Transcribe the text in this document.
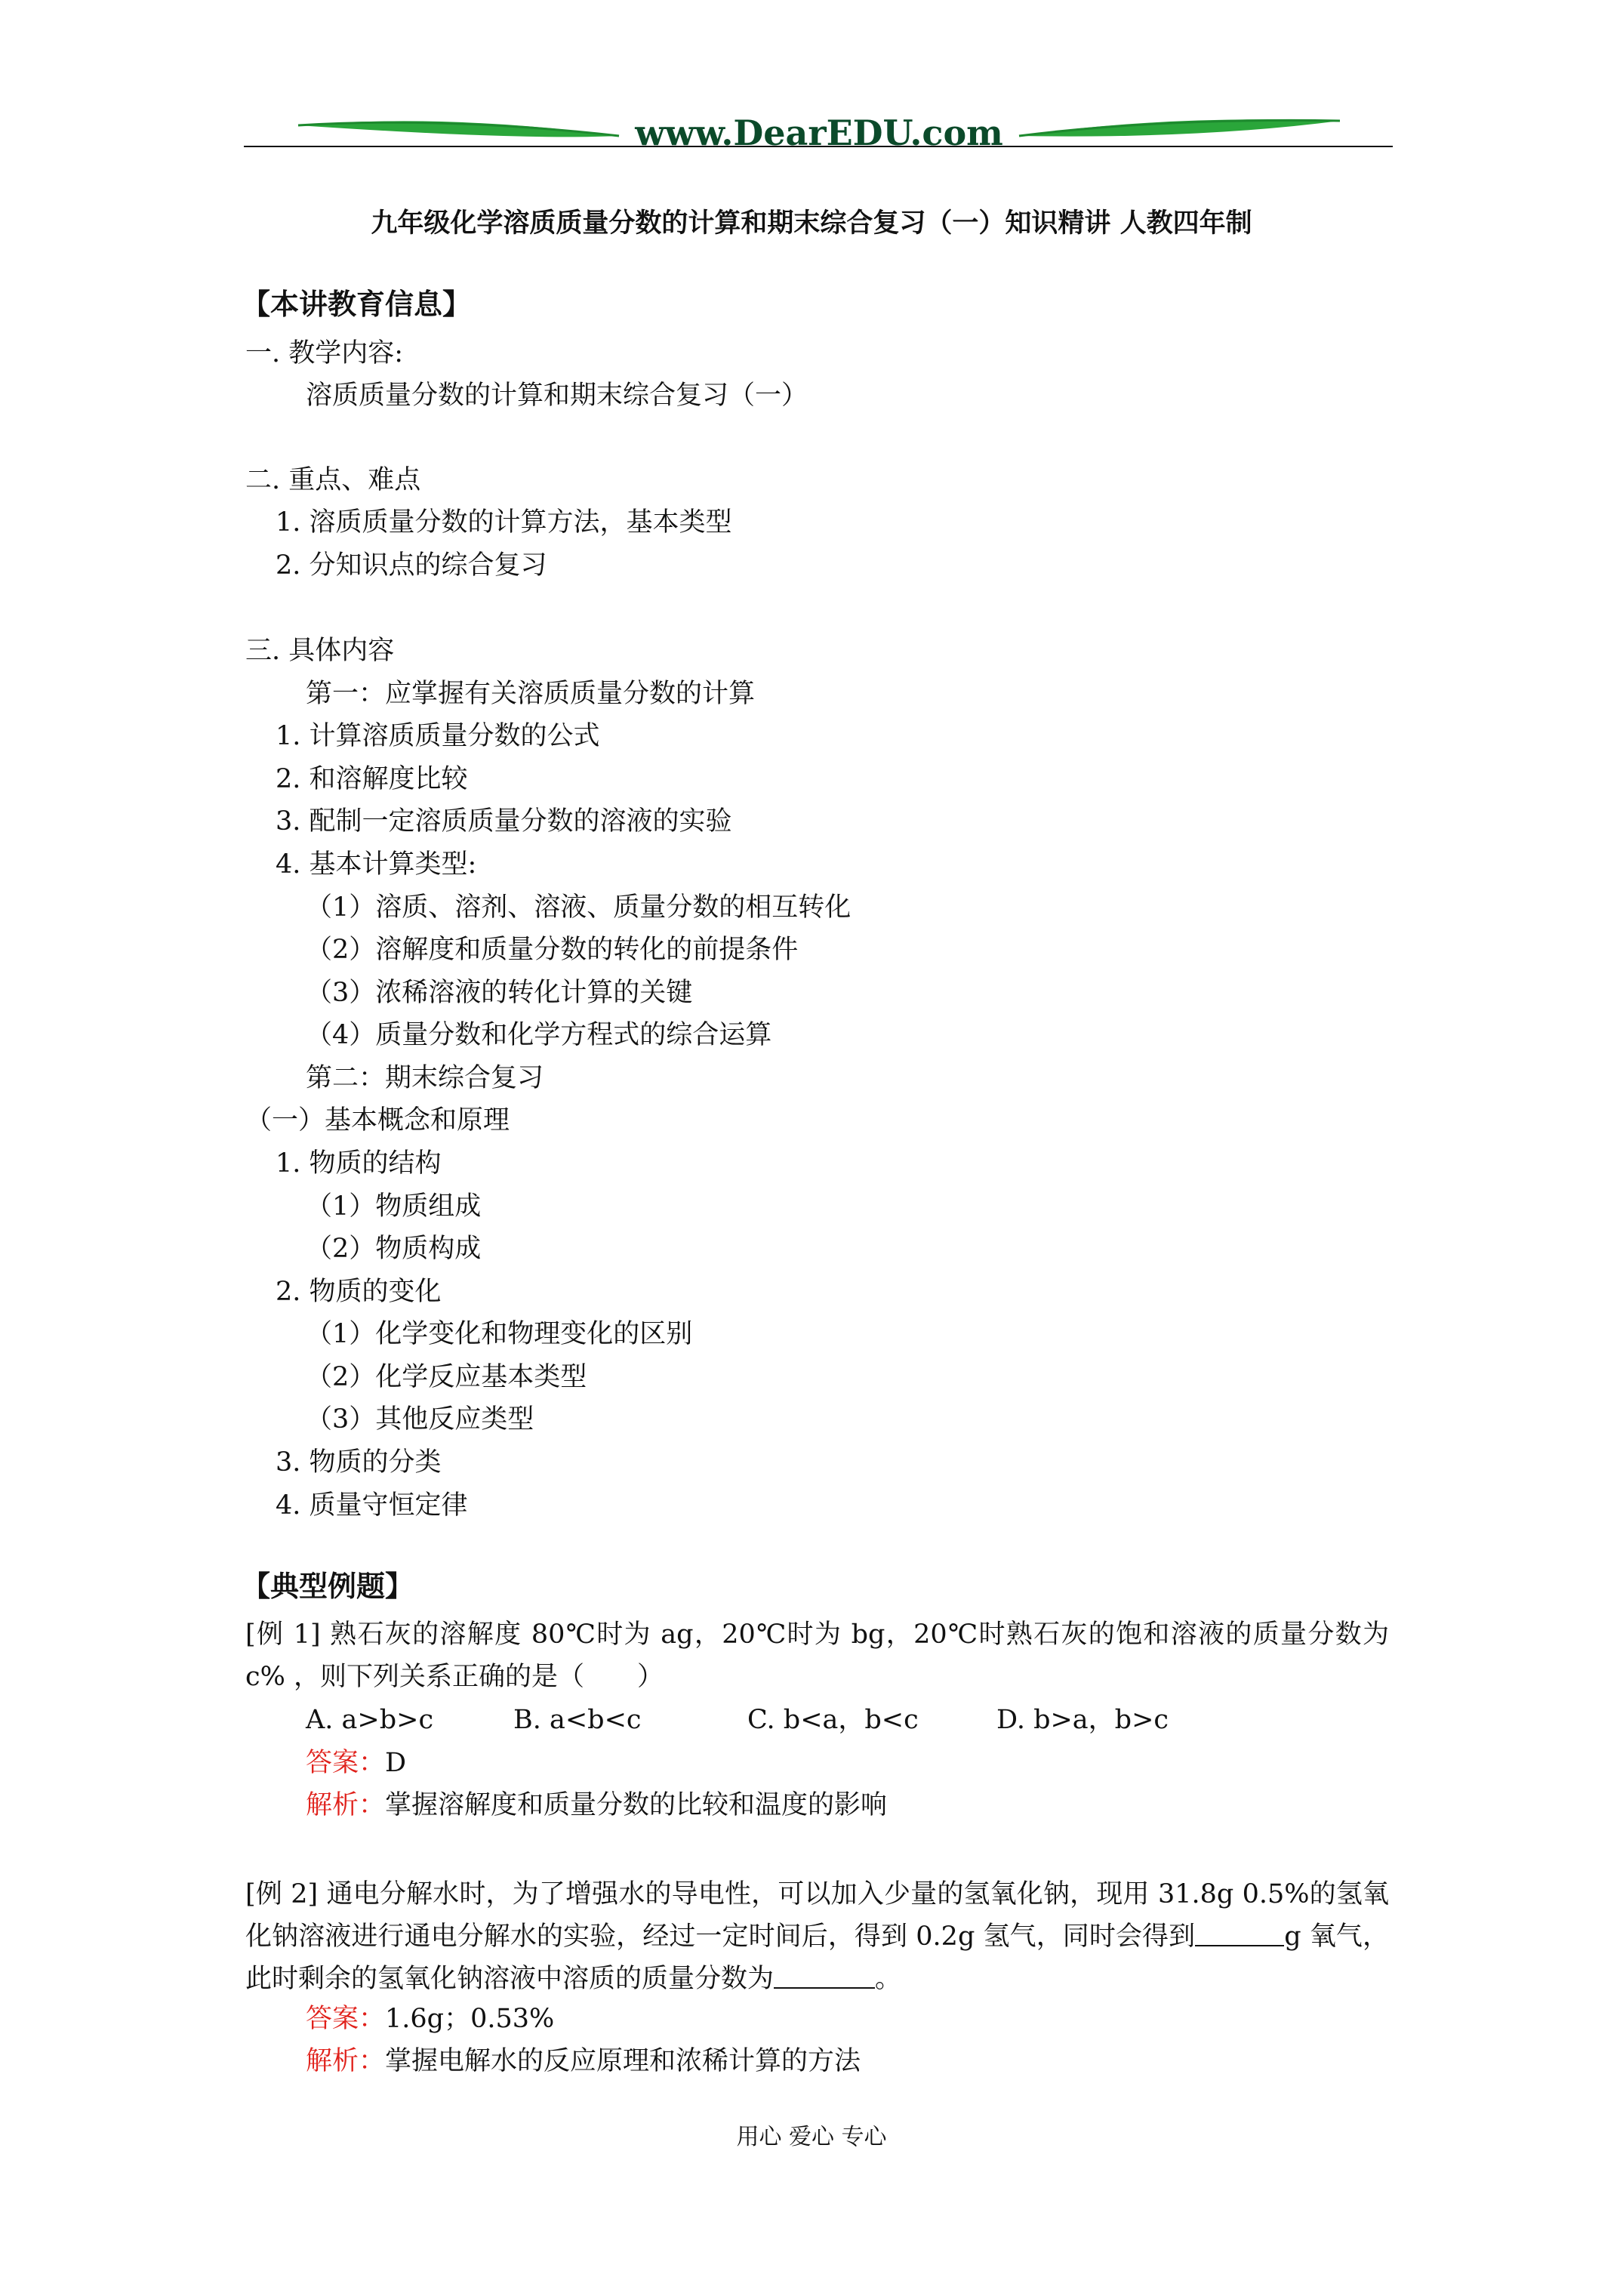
www.DearEDU.com
九年级化学溶质质量分数的计算和期末综合复习（一）知识精讲 人教四年制
【本讲教育信息】
一. 教学内容:
溶质质量分数的计算和期末综合复习（一）
二. 重点、难点
1. 溶质质量分数的计算方法，基本类型
2. 分知识点的综合复习
三. 具体内容
第一：应掌握有关溶质质量分数的计算
1. 计算溶质质量分数的公式
2. 和溶解度比较
3. 配制一定溶质质量分数的溶液的实验
4. 基本计算类型:
（1）溶质、溶剂、溶液、质量分数的相互转化
（2）溶解度和质量分数的转化的前提条件
（3）浓稀溶液的转化计算的关键
（4）质量分数和化学方程式的综合运算
第二：期末综合复习
（一）基本概念和原理
1. 物质的结构
（1）物质组成
（2）物质构成
2. 物质的变化
（1）化学变化和物理变化的区别
（2）化学反应基本类型
（3）其他反应类型
3. 物质的分类
4. 质量守恒定律
【典型例题】
[例 1] 熟石灰的溶解度 80℃时为 ag，20℃时为 bg，20℃时熟石灰的饱和溶液的质量分数为 c% ，则下列关系正确的是（　　）
A. a>b>c	B. a<b<c	C. b<a，b<c	D. b>a，b>c
答案：D
解析：掌握溶解度和质量分数的比较和温度的影响
[例 2] 通电分解水时，为了增强水的导电性，可以加入少量的氢氧化钠，现用 31.8g 0.5%的氢氧化钠溶液进行通电分解水的实验，经过一定时间后，得到 0.2g 氢气，同时会得到	g 氧气，此时剩余的氢氧化钠溶液中溶质的质量分数为	。
答案：1.6g；0.53%
解析：掌握电解水的反应原理和浓稀计算的方法
用心 爱心 专心
